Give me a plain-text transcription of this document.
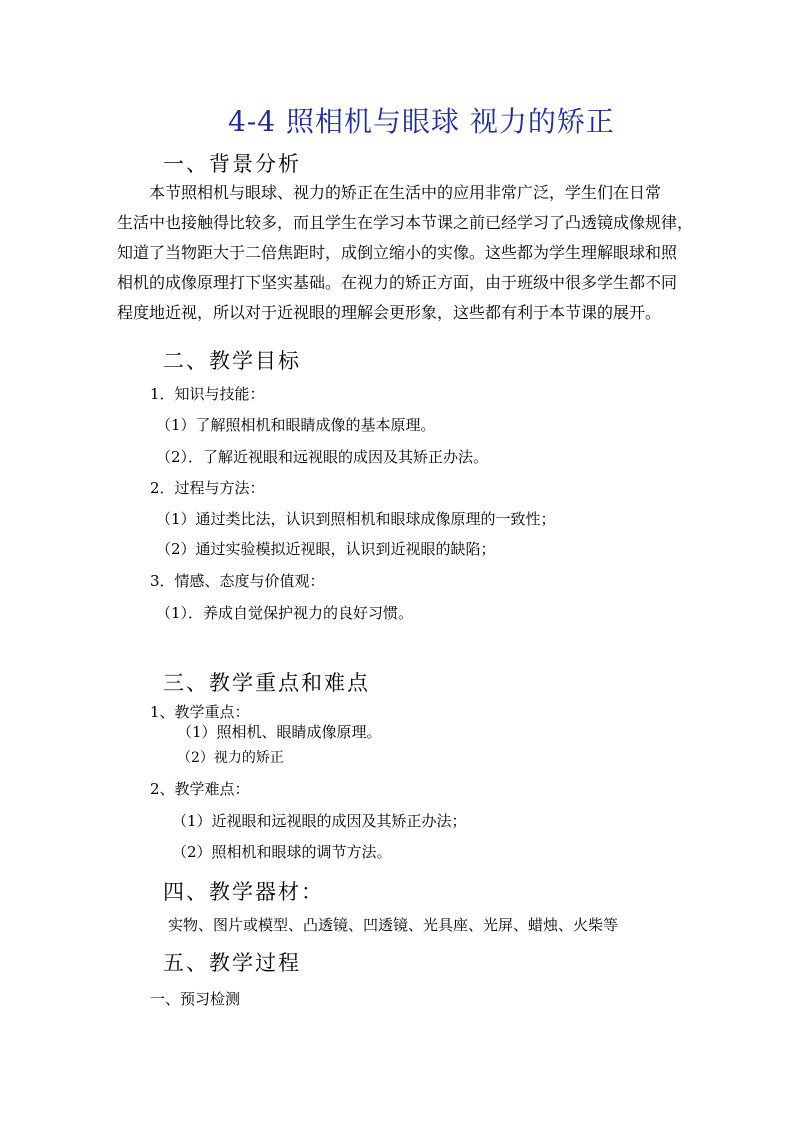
4-4 照相机与眼球 视力的矫正
一、背景分析
本节照相机与眼球、视力的矫正在生活中的应用非常广泛，学生们在日常
生活中也接触得比较多，而且学生在学习本节课之前已经学习了凸透镜成像规律，
知道了当物距大于二倍焦距时，成倒立缩小的实像。这些都为学生理解眼球和照
相机的成像原理打下坚实基础。在视力的矫正方面，由于班级中很多学生都不同
程度地近视，所以对于近视眼的理解会更形象，这些都有利于本节课的展开。
二、教学目标
1．知识与技能：
（1）了解照相机和眼睛成像的基本原理。
（2）．了解近视眼和远视眼的成因及其矫正办法。
2．过程与方法：
（1）通过类比法，认识到照相机和眼球成像原理的一致性；
（2）通过实验模拟近视眼，认识到近视眼的缺陷；
3．情感、态度与价值观：
（1）．养成自觉保护视力的良好习惯。
三、教学重点和难点
1、教学重点：
（1）照相机、眼睛成像原理。
（2）视力的矫正
2、教学难点：
（1）近视眼和远视眼的成因及其矫正办法；
（2）照相机和眼球的调节方法。
四、教学器材：
实物、图片或模型、凸透镜、凹透镜、光具座、光屏、蜡烛、火柴等
五、教学过程
一、预习检测
